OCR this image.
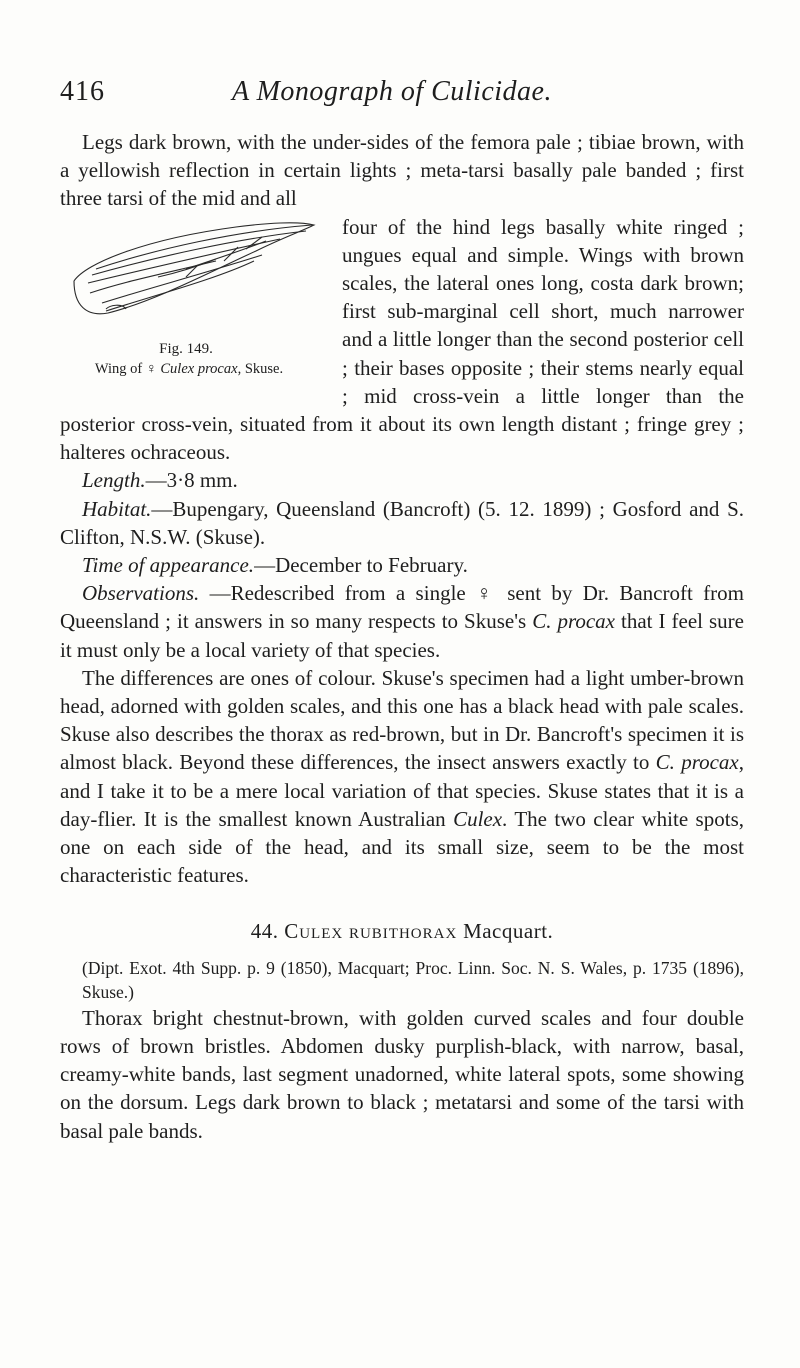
416	A Monograph of Culicidae.

Legs dark brown, with the under-sides of the femora pale ; tibiae brown, with a yellowish reflection in certain lights ; meta-tarsi basally pale banded ; first three tarsi of the mid and all

Fig. 149.
Wing of ♀ Culex procax, Skuse.

four of the hind legs basally white ringed ; ungues equal and simple. Wings with brown scales, the lateral ones long, costa dark brown; first sub-marginal cell short, much narrower and a little longer than the second posterior cell ; their bases opposite ; their stems nearly equal ; mid cross-vein a little longer than the posterior cross-vein, situated from it about its own length distant ; fringe grey ; halteres ochraceous.

Length.—3·8 mm.

Habitat.—Bupengary, Queensland (Bancroft) (5. 12. 1899) ; Gosford and S. Clifton, N.S.W. (Skuse).

Time of appearance.—December to February.

Observations. —Redescribed from a single ♀ sent by Dr. Bancroft from Queensland ; it answers in so many respects to Skuse's C. procax that I feel sure it must only be a local variety of that species.

The differences are ones of colour. Skuse's specimen had a light umber-brown head, adorned with golden scales, and this one has a black head with pale scales. Skuse also describes the thorax as red-brown, but in Dr. Bancroft's specimen it is almost black. Beyond these differences, the insect answers exactly to C. procax, and I take it to be a mere local variation of that species. Skuse states that it is a day-flier. It is the smallest known Australian Culex. The two clear white spots, one on each side of the head, and its small size, seem to be the most characteristic features.

44. Culex rubithorax Macquart.

(Dipt. Exot. 4th Supp. p. 9 (1850), Macquart; Proc. Linn. Soc. N. S. Wales, p. 1735 (1896), Skuse.)

Thorax bright chestnut-brown, with golden curved scales and four double rows of brown bristles. Abdomen dusky purplish-black, with narrow, basal, creamy-white bands, last segment unadorned, white lateral spots, some showing on the dorsum. Legs dark brown to black ; metatarsi and some of the tarsi with basal pale bands.
